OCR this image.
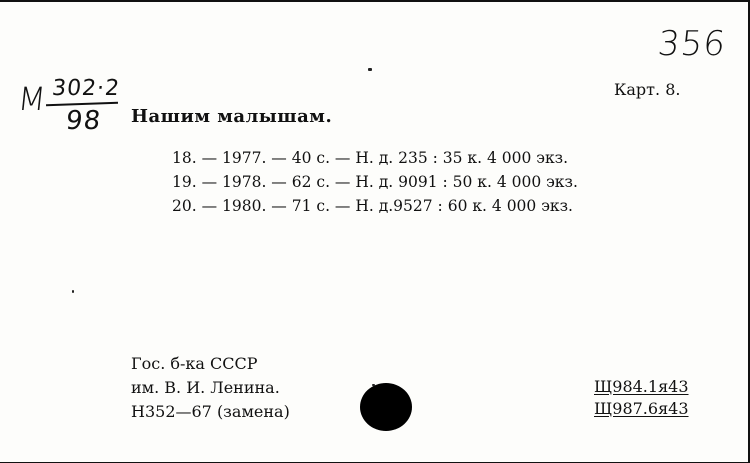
356
М 302·2
98
Карт. 8.
Нашим малышам.
18. — 1977. — 40 с. — Н. д. 235 : 35 к. 4 000 экз.
19. — 1978. — 62 с. — Н. д. 9091 : 50 к. 4 000 экз.
20. — 1980. — 71 с. — Н. д.9527 : 60 к. 4 000 экз.
Гос. б-ка СССР
им. В. И. Ленина.
Н352—67 (замена)
Щ984.1я43
Щ987.6я43
